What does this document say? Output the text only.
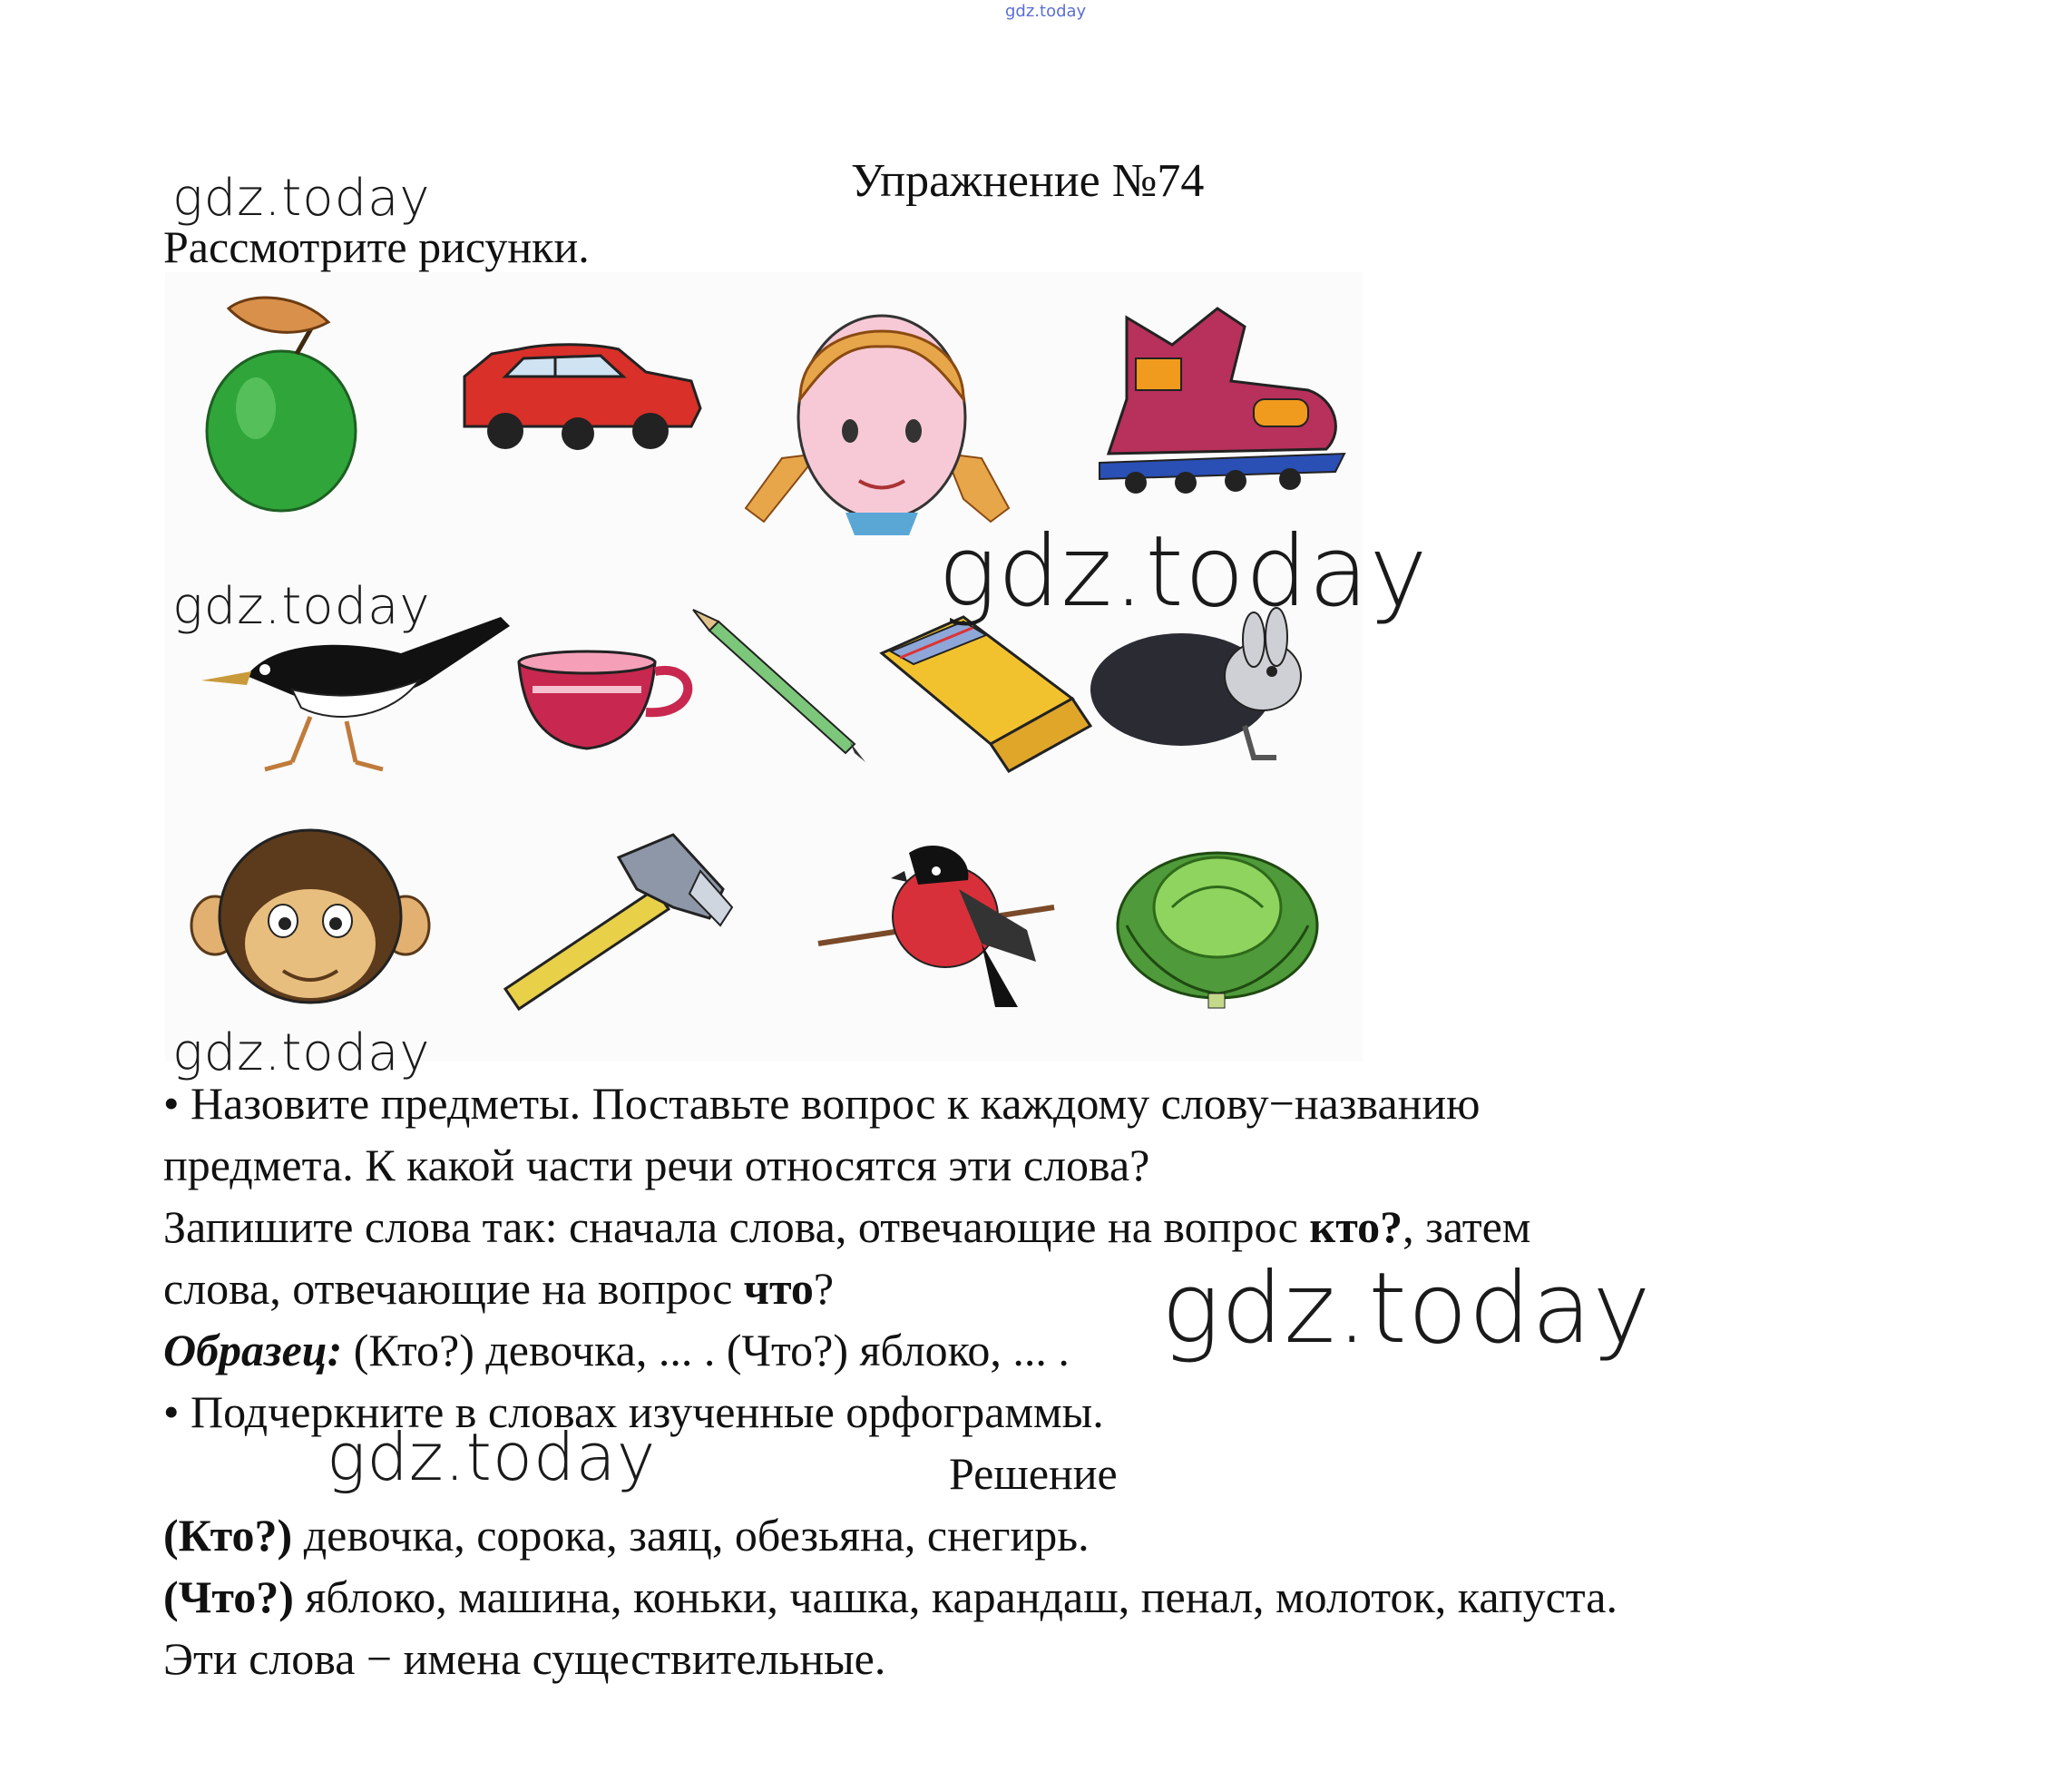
gdz.today
Упражнение №74
gdz.today
Рассмотрите рисунки.
gdz.today	gdz.today
gdz.today
• Назовите предметы. Поставьте вопрос к каждому слову−названию
предмета. К какой части речи относятся эти слова?
Запишите слова так: сначала слова, отвечающие на вопрос кто?, затем
слова, отвечающие на вопрос что?
Образец: (Кто?) девочка, ... . (Что?) яблоко, ... . gdz.today
• Подчеркните в словах изученные орфограммы.
gdz.today	Решение
(Кто?) девочка, сорока, заяц, обезьяна, снегирь.
(Что?) яблоко, машина, коньки, чашка, карандаш, пенал, молоток, капуста.
Эти слова − имена существительные.
